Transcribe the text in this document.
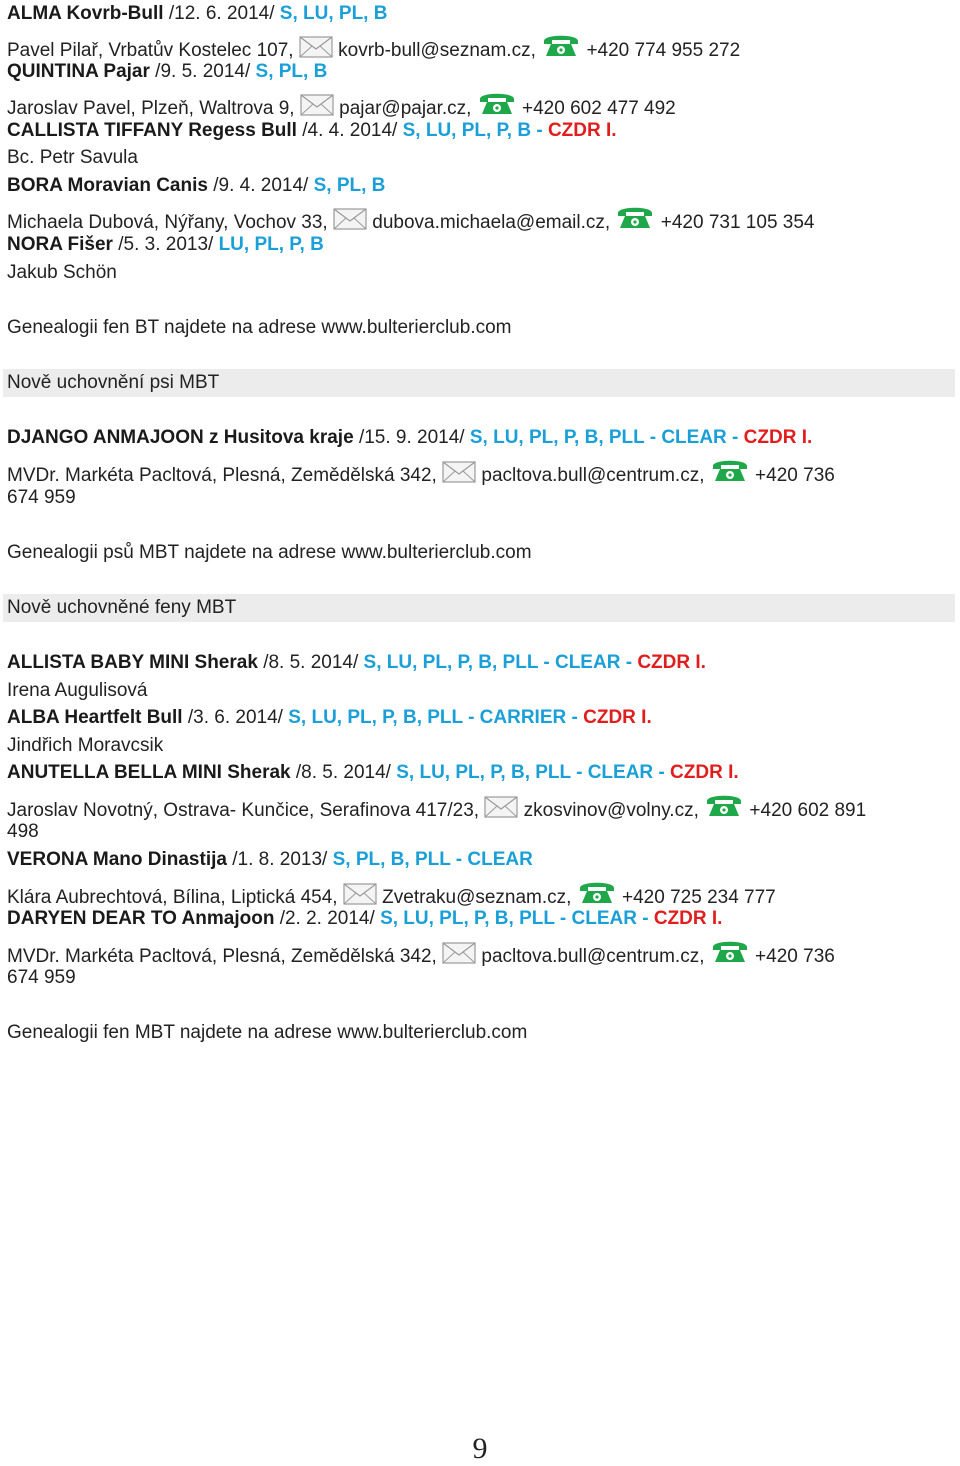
ALMA Kovrb-Bull /12. 6. 2014/ S, LU, PL, B
Pavel Pilař, Vrbatův Kostelec 107, kovrb-bull@seznam.cz,	+420 774 955 272
QUINTINA Pajar /9. 5. 2014/ S, PL, B
Jaroslav Pavel, Plzeň, Waltrova 9, pajar@pajar.cz,	+420 602 477 492
CALLISTA TIFFANY Regess Bull /4. 4. 2014/ S, LU, PL, P, B - CZDR I.
Bc. Petr Savula
BORA Moravian Canis /9. 4. 2014/ S, PL, B
Michaela Dubová, Nýřany, Vochov 33, dubova.michaela@email.cz,	+420 731 105 354
NORA Fišer /5. 3. 2013/ LU, PL, P, B
Jakub Schön
Genealogii fen BT najdete na adrese www.bulterierclub.com
Nově uchovnění psi MBT
DJANGO ANMAJOON z Husitova kraje /15. 9. 2014/ S, LU, PL, P, B, PLL - CLEAR - CZDR I.
MVDr. Markéta Pacltová, Plesná, Zemědělská 342, pacltova.bull@centrum.cz,	+420 736
674 959
Genealogii psů MBT najdete na adrese www.bulterierclub.com
Nově uchovněné feny MBT
ALLISTA BABY MINI Sherak /8. 5. 2014/ S, LU, PL, P, B, PLL - CLEAR - CZDR I.
Irena Augulisová
ALBA Heartfelt Bull /3. 6. 2014/ S, LU, PL, P, B, PLL - CARRIER - CZDR I.
Jindřich Moravcsik
ANUTELLA BELLA MINI Sherak /8. 5. 2014/ S, LU, PL, P, B, PLL - CLEAR - CZDR I.
Jaroslav Novotný, Ostrava- Kunčice, Serafinova 417/23, zkosvinov@volny.cz,	+420 602 891
498
VERONA Mano Dinastija /1. 8. 2013/ S, PL, B, PLL - CLEAR
Klára Aubrechtová, Bílina, Liptická 454, Zvetraku@seznam.cz,	+420 725 234 777
DARYEN DEAR TO Anmajoon /2. 2. 2014/ S, LU, PL, P, B, PLL - CLEAR - CZDR I.
MVDr. Markéta Pacltová, Plesná, Zemědělská 342, pacltova.bull@centrum.cz,	+420 736
674 959
Genealogii fen MBT najdete na adrese www.bulterierclub.com
9
